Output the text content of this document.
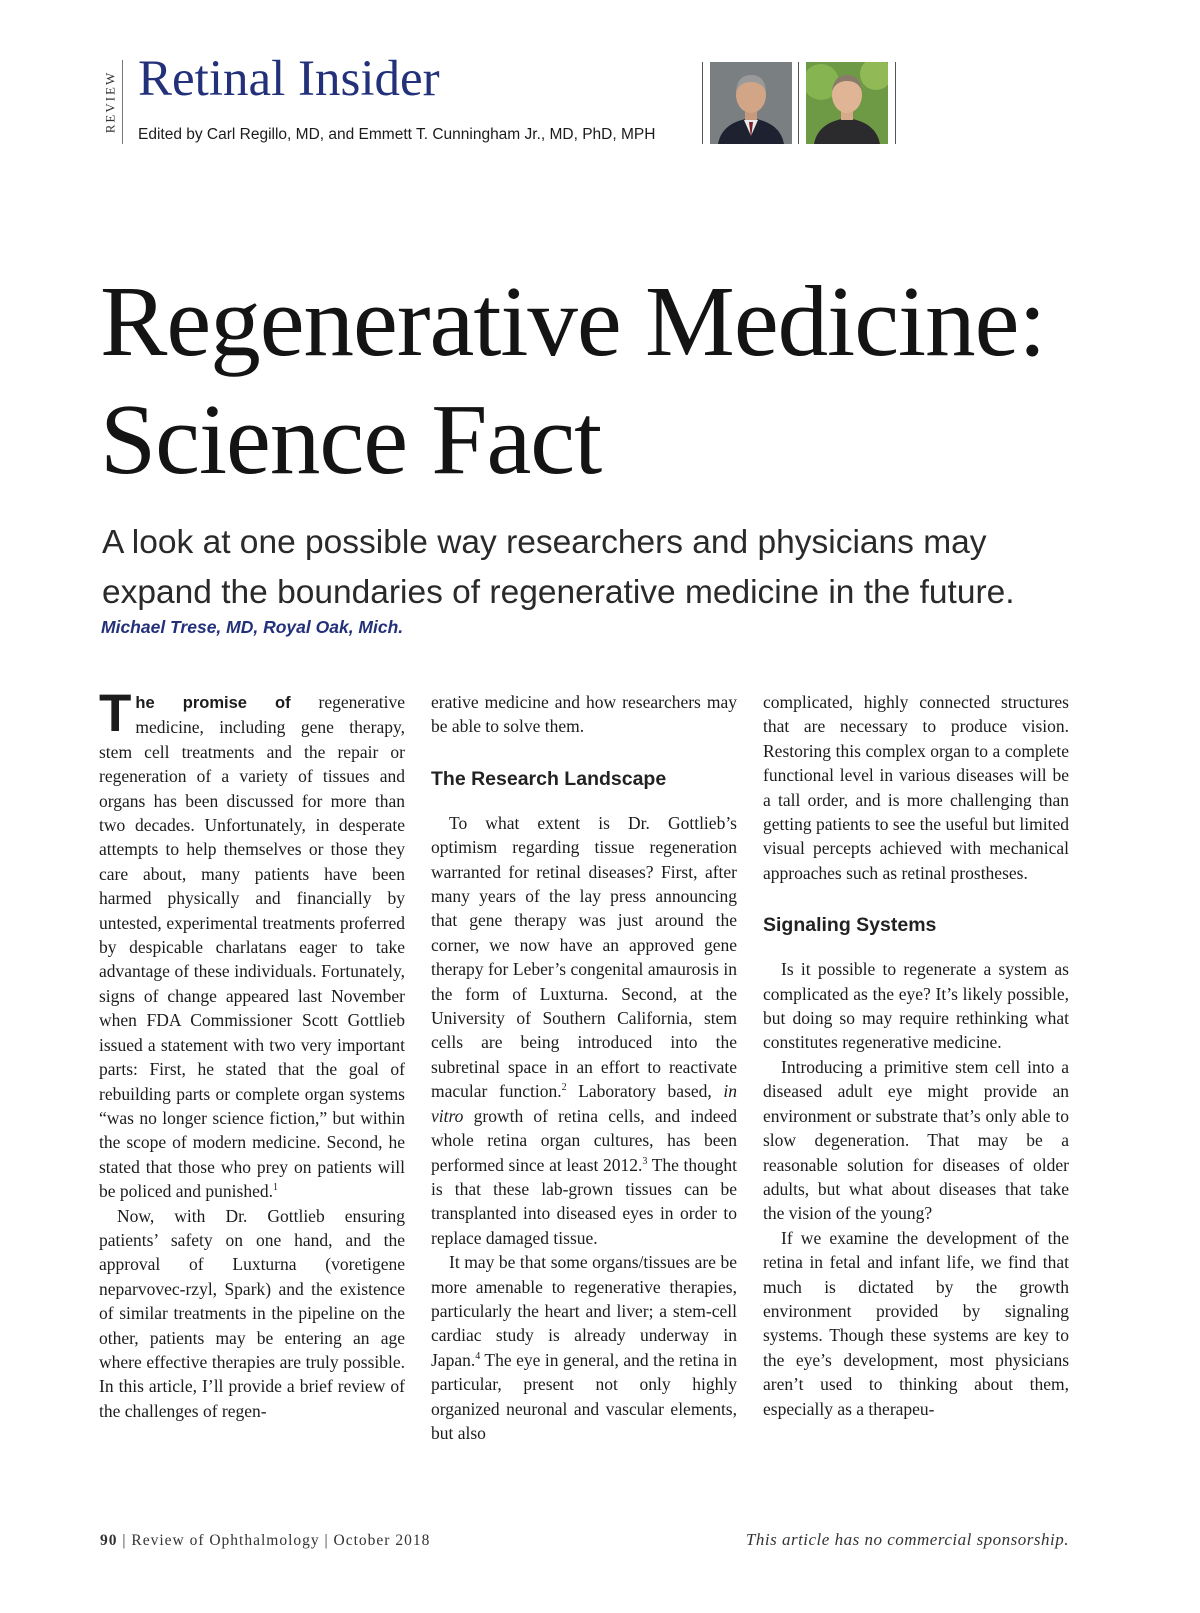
REVIEW Retinal Insider
Edited by Carl Regillo, MD, and Emmett T. Cunningham Jr., MD, PhD, MPH
Regenerative Medicine:
Science Fact

A look at one possible way researchers and physicians may
expand the boundaries of regenerative medicine in the future.

Michael Trese, MD, Royal Oak, Mich.

The promise of regenerative medicine, including gene therapy, stem cell treatments and the repair or regeneration of a variety of tissues and organs has been discussed for more than two decades. Unfortunately, in desperate attempts to help themselves or those they care about, many patients have been harmed physically and financially by untested, experimental treatments proferred by despicable charlatans eager to take advantage of these individuals. Fortunately, signs of change appeared last November when FDA Commissioner Scott Gottlieb issued a statement with two very important parts: First, he stated that the goal of rebuilding parts or complete organ systems “was no longer science fiction,” but within the scope of modern medicine. Second, he stated that those who prey on patients will be policed and punished.$^1$

Now, with Dr. Gottlieb ensuring patients’ safety on one hand, and the approval of Luxturna (voretigene neparvovec-rzyl, Spark) and the existence of similar treatments in the pipeline on the other, patients may be entering an age where effective therapies are truly possible. In this article, I’ll provide a brief review of the challenges of regen-

erative medicine and how researchers may be able to solve them.

The Research Landscape

To what extent is Dr. Gottlieb’s optimism regarding tissue regeneration warranted for retinal diseases? First, after many years of the lay press announcing that gene therapy was just around the corner, we now have an approved gene therapy for Leber’s congenital amaurosis in the form of Luxturna. Second, at the University of Southern California, stem cells are being introduced into the subretinal space in an effort to reactivate macular function.$^2$ Laboratory based, in vitro growth of retina cells, and indeed whole retina organ cultures, has been performed since at least 2012.$^3$ The thought is that these lab-grown tissues can be transplanted into diseased eyes in order to replace damaged tissue.

It may be that some organs/tissues are be more amenable to regenerative therapies, particularly the heart and liver; a stem-cell cardiac study is already underway in Japan.$^4$ The eye in general, and the retina in particular, present not only highly organized neuronal and vascular elements, but also

complicated, highly connected structures that are necessary to produce vision. Restoring this complex organ to a complete functional level in various diseases will be a tall order, and is more challenging than getting patients to see the useful but limited visual percepts achieved with mechanical approaches such as retinal prostheses.

Signaling Systems

Is it possible to regenerate a system as complicated as the eye? It’s likely possible, but doing so may require rethinking what constitutes regenerative medicine.

Introducing a primitive stem cell into a diseased adult eye might provide an environment or substrate that’s only able to slow degeneration. That may be a reasonable solution for diseases of older adults, but what about diseases that take the vision of the young?

If we examine the development of the retina in fetal and infant life, we find that much is dictated by the growth environment provided by signaling systems. Though these systems are key to the eye’s development, most physicians aren’t used to thinking about them, especially as a therapeu-

90 | Review of Ophthalmology | October 2018	This article has no commercial sponsorship.
